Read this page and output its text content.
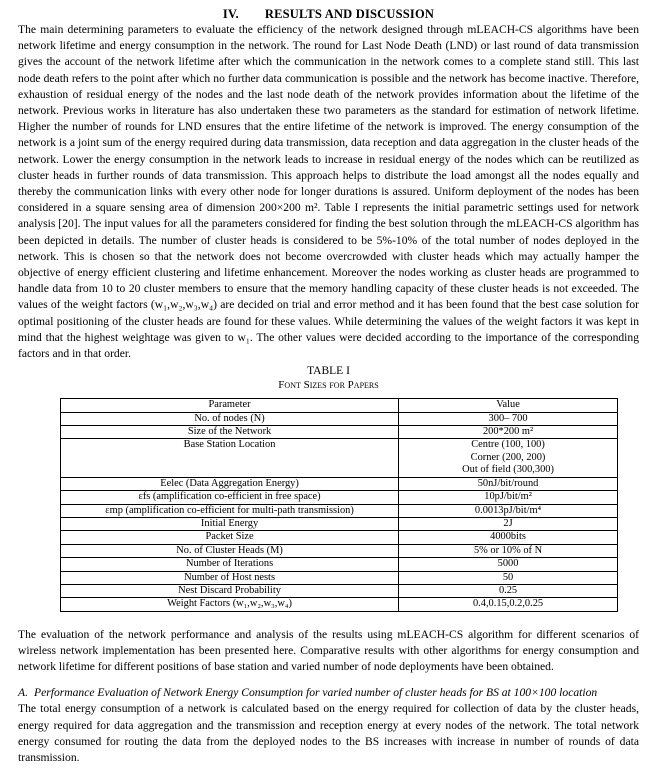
IV. RESULTS AND DISCUSSION

The main determining parameters to evaluate the efficiency of the network designed through mLEACH-CS algorithms have been network lifetime and energy consumption in the network. The round for Last Node Death (LND) or last round of data transmission gives the account of the network lifetime after which the communication in the network comes to a complete stand still. This last node death refers to the point after which no further data communication is possible and the network has become inactive. Therefore, exhaustion of residual energy of the nodes and the last node death of the network provides information about the lifetime of the network. Previous works in literature has also undertaken these two parameters as the standard for estimation of network lifetime. Higher the number of rounds for LND ensures that the entire lifetime of the network is improved. The energy consumption of the network is a joint sum of the energy required during data transmission, data reception and data aggregation in the cluster heads of the network. Lower the energy consumption in the network leads to increase in residual energy of the nodes which can be reutilized as cluster heads in further rounds of data transmission. This approach helps to distribute the load amongst all the nodes equally and thereby the communication links with every other node for longer durations is assured. Uniform deployment of the nodes has been considered in a square sensing area of dimension 200×200 m². Table I represents the initial parametric settings used for network analysis [20]. The input values for all the parameters considered for finding the best solution through the mLEACH-CS algorithm has been depicted in details. The number of cluster heads is considered to be 5%-10% of the total number of nodes deployed in the network. This is chosen so that the network does not become overcrowded with cluster heads which may actually hamper the objective of energy efficient clustering and lifetime enhancement. Moreover the nodes working as cluster heads are programmed to handle data from 10 to 20 cluster members to ensure that the memory handling capacity of these cluster heads is not exceeded. The values of the weight factors (w₁,w₂,w₃,w₄) are decided on trial and error method and it has been found that the best case solution for optimal positioning of the cluster heads are found for these values. While determining the values of the weight factors it was kept in mind that the highest weightage was given to w₁. The other values were decided according to the importance of the corresponding factors and in that order.

TABLE I
Font Sizes for Papers
Parameter	Value
No. of nodes (N)	300– 700
Size of the Network	200*200 m²
Base Station Location	Centre (100, 100)
Corner (200, 200)
Out of field (300,300)

Eelec (Data Aggregation Energy)	50nJ/bit/round
εfs (amplification co-efficient in free space)	10pJ/bit/m²
εmp (amplification co-efficient for multi-path transmission)	0.0013pJ/bit/m⁴
Initial Energy	2J
Packet Size	4000bits
No. of Cluster Heads (M)	5% or 10% of N
Number of Iterations	5000
Number of Host nests	50
Nest Discard Probability	0.25
Weight Factors (w₁,w₂,w₃,w₄)	0.4,0.15,0.2,0.25

The evaluation of the network performance and analysis of the results using mLEACH-CS algorithm for different scenarios of wireless network implementation has been presented here. Comparative results with other algorithms for energy consumption and network lifetime for different positions of base station and varied number of node deployments have been obtained.

A. Performance Evaluation of Network Energy Consumption for varied number of cluster heads for BS at 100×100 location

The total energy consumption of a network is calculated based on the energy required for collection of data by the cluster heads, energy required for data aggregation and the transmission and reception energy at every nodes of the network. The total network energy consumed for routing the data from the deployed nodes to the BS increases with increase in number of rounds of data transmission.
